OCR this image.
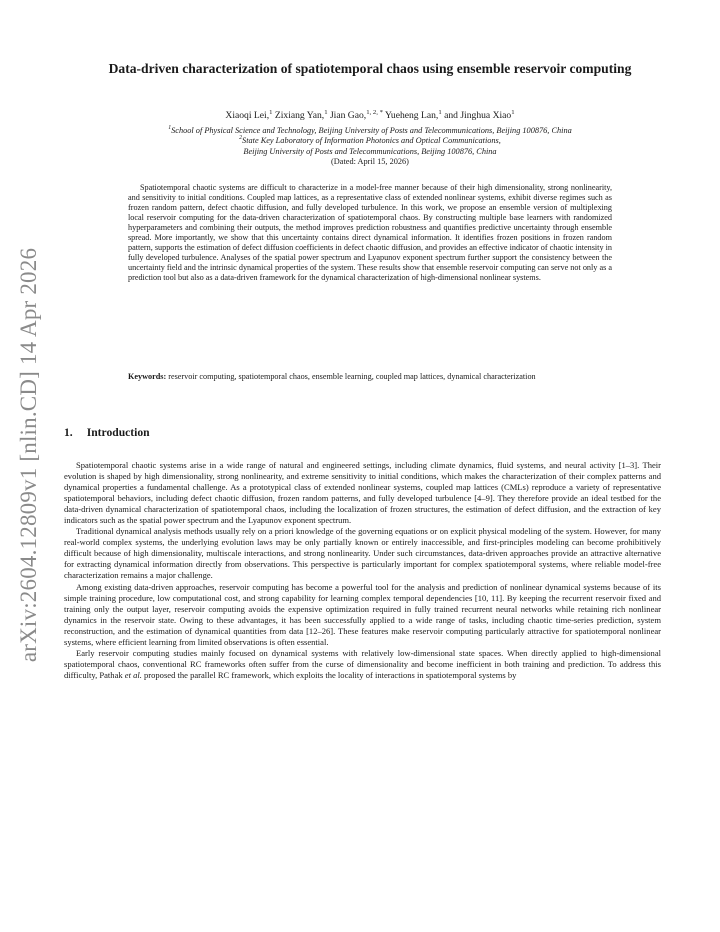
arXiv:2604.12809v1 [nlin.CD] 14 Apr 2026
Data-driven characterization of spatiotemporal chaos using ensemble reservoir computing
Xiaoqi Lei,$^1$ Zixiang Yan,$^1$ Jian Gao,$^{1, 2, *}$ Yueheng Lan,$^1$ and Jinghua Xiao$^1$
$^1$School of Physical Science and Technology, Beijing University of Posts and Telecommunications, Beijing 100876, China
$^2$State Key Laboratory of Information Photonics and Optical Communications,
Beijing University of Posts and Telecommunications, Beijing 100876, China
(Dated: April 15, 2026)

Spatiotemporal chaotic systems are difficult to characterize in a model-free manner because of their high dimensionality, strong nonlinearity, and sensitivity to initial conditions. Coupled map lattices, as a representative class of extended nonlinear systems, exhibit diverse regimes such as frozen random pattern, defect chaotic diffusion, and fully developed turbulence. In this work, we propose an ensemble version of multiplexing local reservoir computing for the data-driven characterization of spatiotemporal chaos. By constructing multiple base learners with randomized hyperparameters and combining their outputs, the method improves prediction robustness and quantifies predictive uncertainty through ensemble spread. More importantly, we show that this uncertainty contains direct dynamical information. It identifies frozen positions in frozen random pattern, supports the estimation of defect diffusion coefficients in defect chaotic diffusion, and provides an effective indicator of chaotic intensity in fully developed turbulence. Analyses of the spatial power spectrum and Lyapunov exponent spectrum further support the consistency between the uncertainty field and the intrinsic dynamical properties of the system. These results show that ensemble reservoir computing can serve not only as a prediction tool but also as a data-driven framework for the dynamical characterization of high-dimensional nonlinear systems.

Keywords: reservoir computing, spatiotemporal chaos, ensemble learning, coupled map lattices, dynamical characterization

1. Introduction

Spatiotemporal chaotic systems arise in a wide range of natural and engineered settings, including climate dynamics, fluid systems, and neural activity [1–3]. Their evolution is shaped by high dimensionality, strong nonlinearity, and extreme sensitivity to initial conditions, which makes the characterization of their complex patterns and dynamical properties a fundamental challenge. As a prototypical class of extended nonlinear systems, coupled map lattices (CMLs) reproduce a variety of representative spatiotemporal behaviors, including defect chaotic diffusion, frozen random patterns, and fully developed turbulence [4–9]. They therefore provide an ideal testbed for the data-driven dynamical characterization of spatiotemporal chaos, including the localization of frozen structures, the estimation of defect diffusion, and the extraction of key indicators such as the spatial power spectrum and the Lyapunov exponent spectrum.

Traditional dynamical analysis methods usually rely on a priori knowledge of the governing equations or on explicit physical modeling of the system. However, for many real-world complex systems, the underlying evolution laws may be only partially known or entirely inaccessible, and first-principles modeling can become prohibitively difficult because of high dimensionality, multiscale interactions, and strong nonlinearity. Under such circumstances, data-driven approaches provide an attractive alternative for extracting dynamical information directly from observations. This perspective is particularly important for complex spatiotemporal systems, where reliable model-free characterization remains a major challenge.

Among existing data-driven approaches, reservoir computing has become a powerful tool for the analysis and prediction of nonlinear dynamical systems because of its simple training procedure, low computational cost, and strong capability for learning complex temporal dependencies [10, 11]. By keeping the recurrent reservoir fixed and training only the output layer, reservoir computing avoids the expensive optimization required in fully trained recurrent neural networks while retaining rich nonlinear dynamics in the reservoir state. Owing to these advantages, it has been successfully applied to a wide range of tasks, including chaotic time-series prediction, system reconstruction, and the estimation of dynamical quantities from data [12–26]. These features make reservoir computing particularly attractive for spatiotemporal nonlinear systems, where efficient learning from limited observations is often essential.

Early reservoir computing studies mainly focused on dynamical systems with relatively low-dimensional state spaces. When directly applied to high-dimensional spatiotemporal chaos, conventional RC frameworks often suffer from the curse of dimensionality and become inefficient in both training and prediction. To address this difficulty, Pathak et al. proposed the parallel RC framework, which exploits the locality of interactions in spatiotemporal systems by
